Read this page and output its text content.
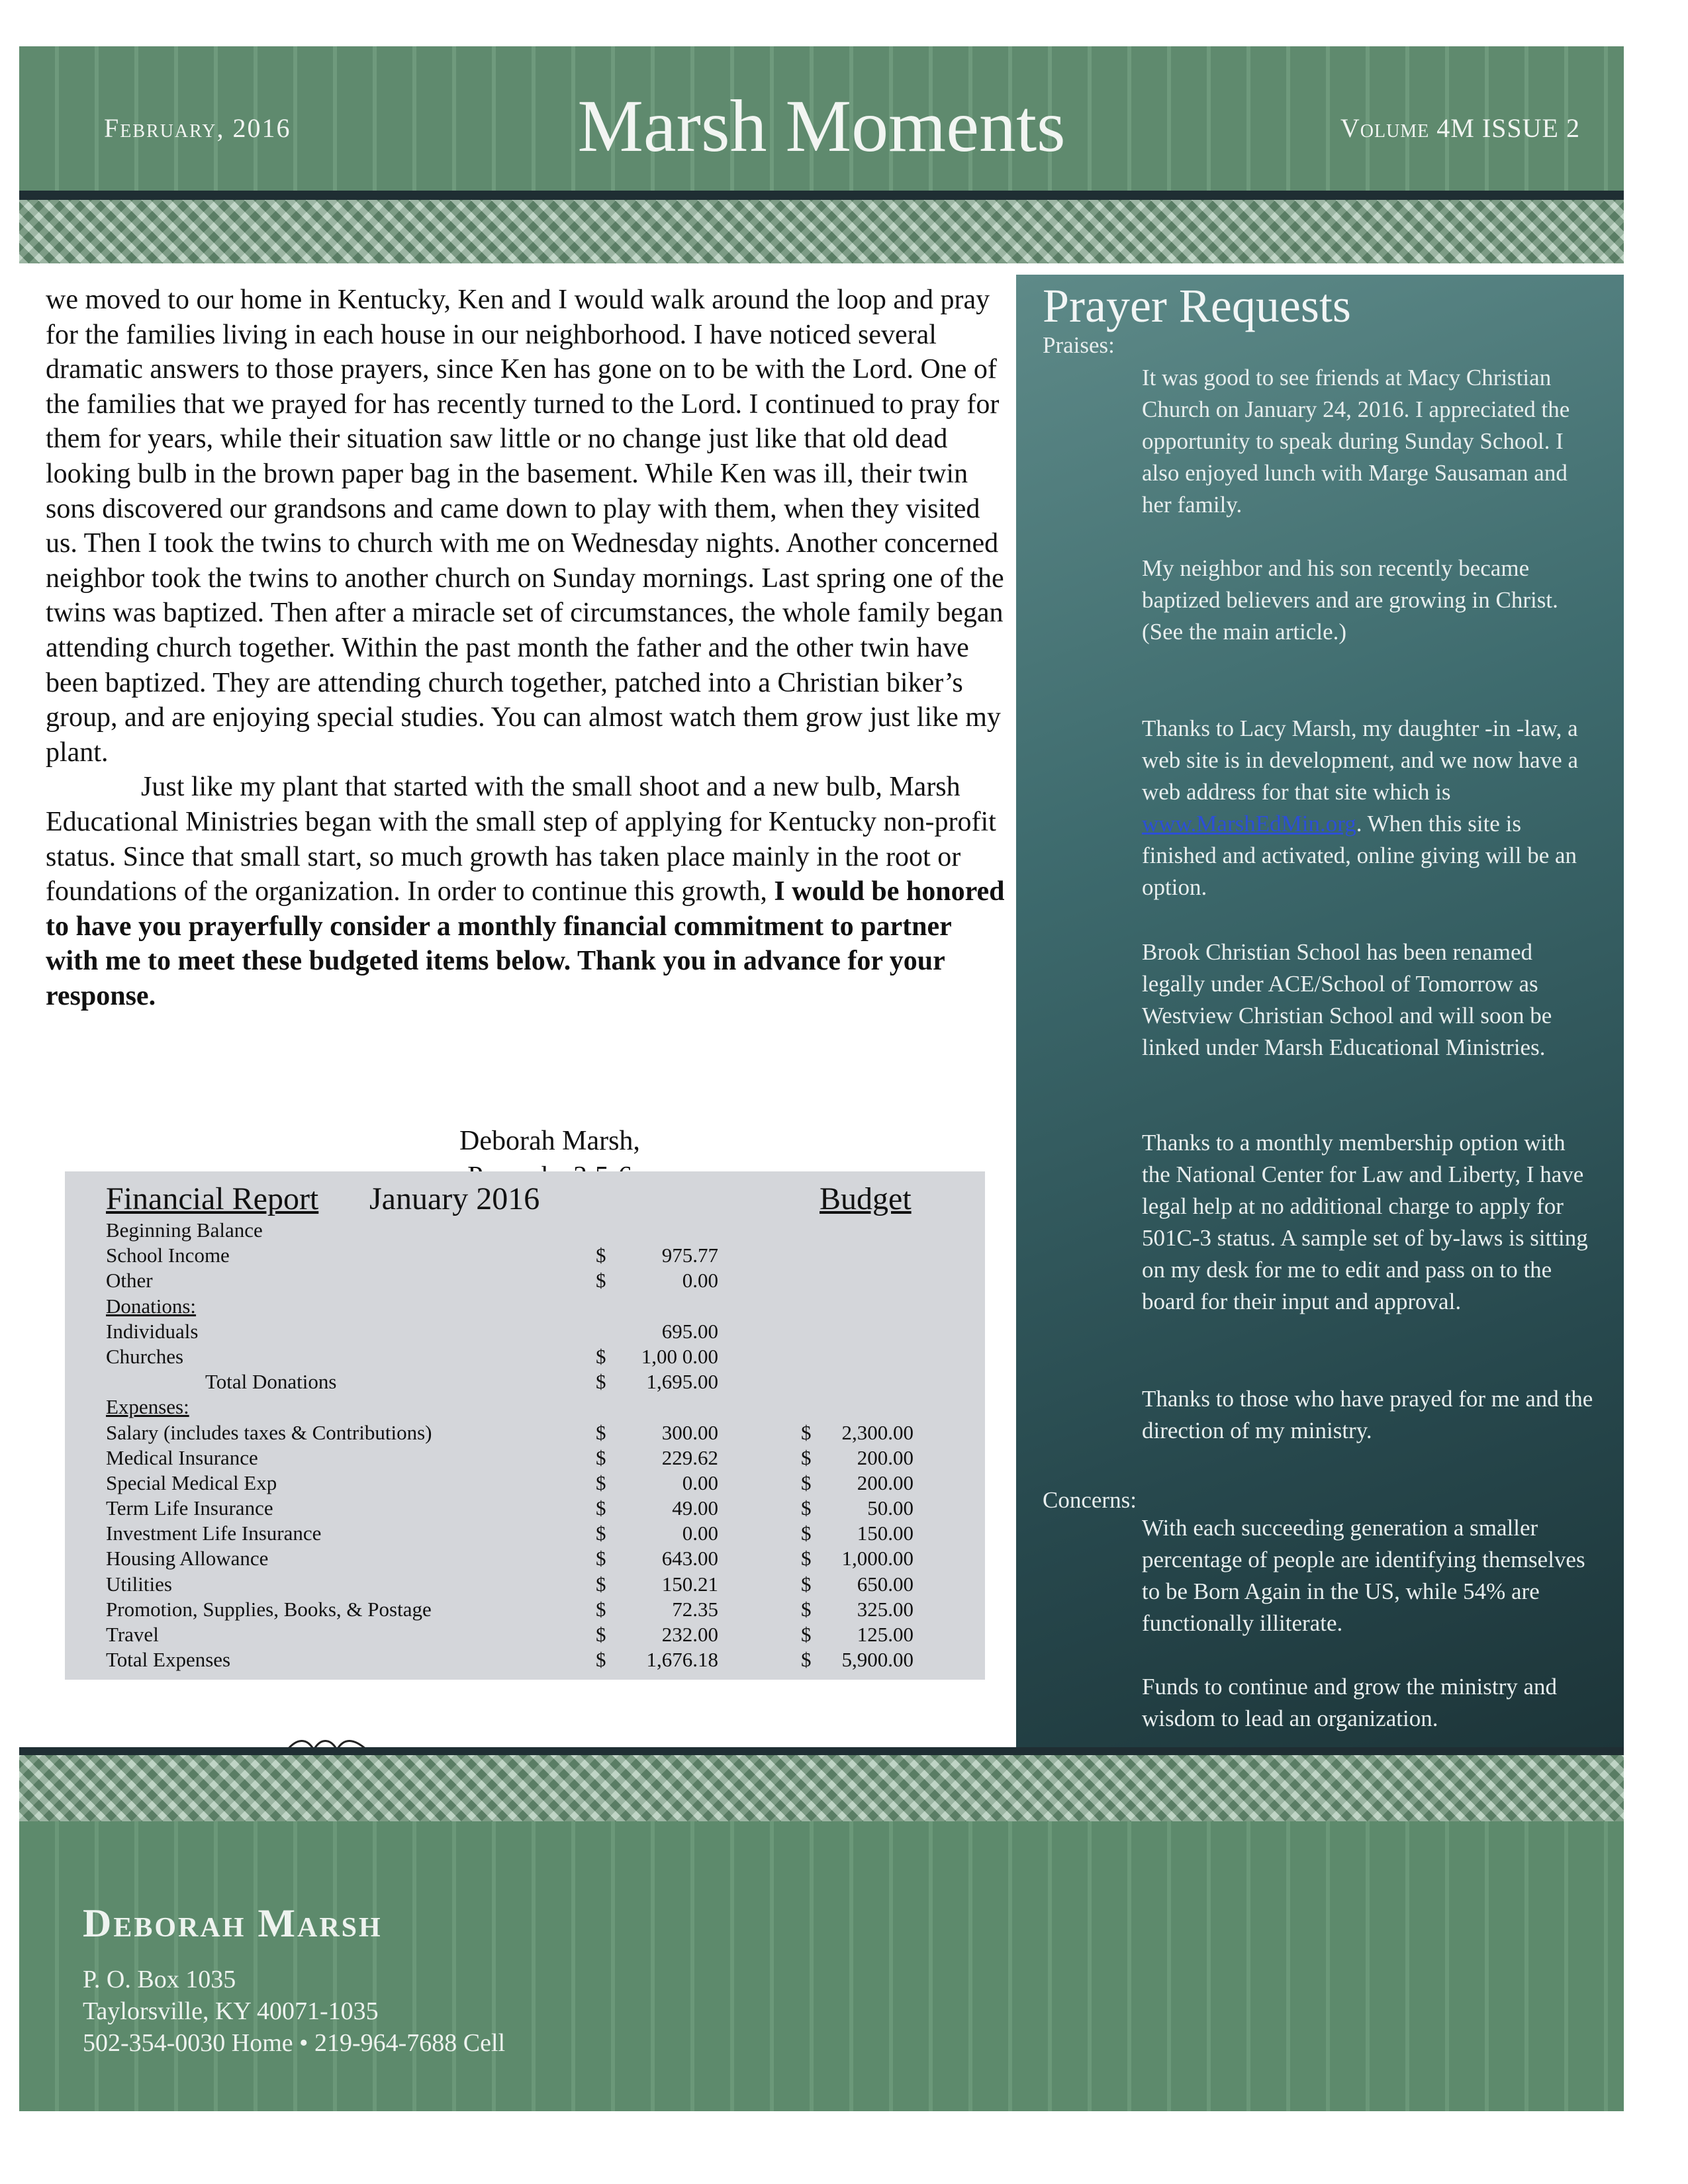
February, 2016	Marsh Moments	Volume 4M ISSUE 2

we moved to our home in Kentucky, Ken and I would walk around the loop and pray for the families living in each house in our neighborhood. I have noticed several dramatic answers to those prayers, since Ken has gone on to be with the Lord. One of the families that we prayed for has recently turned to the Lord. I continued to pray for them for years, while their situation saw little or no change just like that old dead looking bulb in the brown paper bag in the basement. While Ken was ill, their twin sons discovered our grandsons and came down to play with them, when they visited us. Then I took the twins to church with me on Wednesday nights. Another concerned neighbor took the twins to another church on Sunday mornings. Last spring one of the twins was baptized. Then after a miracle set of circumstances, the whole family began attending church together. Within the past month the father and the other twin have been baptized. They are attending church together, patched into a Christian biker’s group, and are enjoying special studies. You can almost watch them grow just like my plant.

Just like my plant that started with the small shoot and a new bulb, Marsh Educational Ministries began with the small step of applying for Kentucky non-profit status. Since that small start, so much growth has taken place mainly in the root or foundations of the organization. In order to continue this growth, I would be honored to have you prayerfully consider a monthly financial commitment to partner with me to meet these budgeted items below. Thank you in advance for your response.

Deborah Marsh,
Financial Report January 2016	Budget
Beginning Balance
School Income	$	975.77
Other	$	0.00
Donations:
Individuals	695.00
Churches	$ 1,00 0.00
Total Donations	$ 1,695.00
Expenses:
Salary (includes taxes & Contributions)	$	300.00	$ 2,300.00
Medical Insurance	$	229.62	$ 200.00
Special Medical Exp	$	0.00	$ 200.00
Term Life Insurance	$	49.00	$	50.00
Investment Life Insurance	$	0.00	$ 150.00
Housing Allowance	$	643.00	$ 1,000.00
Utilities	$	150.21	$ 650.00
Promotion, Supplies, Books, & Postage	$	72.35	$ 325.00
Travel	$	232.00	$ 125.00
Total Expenses	$ 1,676.18	$ 5,900.00
Prayer Requests
Praises:
It was good to see friends at Macy Christian Church on January 24, 2016. I appreciated the opportunity to speak during Sunday School. I also enjoyed lunch with Marge Sausaman and her family.
My neighbor and his son recently became baptized believers and are growing in Christ.(See the main article.)
Thanks to Lacy Marsh, my daughter -in -law, a web site is in development, and we now have a web address for that site which is www.MarshEdMin.org. When this site is finished and activated, online giving will be an option.
Brook Christian School has been renamed legally under ACE/School of Tomorrow as Westview Christian School and will soon be linked under Marsh Educational Ministries.
Thanks to a monthly membership option with the National Center for Law and Liberty, I have legal help at no additional charge to apply for 501C-3 status. A sample set of by-laws is sitting on my desk for me to edit and pass on to the board for their input and approval.
Thanks to those who have prayed for me and the direction of my ministry.
Concerns:
With each succeeding generation a smaller percentage of people are identifying themselves to be Born Again in the US, while 54% are functionally illiterate.
Funds to continue and grow the ministry and wisdom to lead an organization.
Deborah Marsh
P. O. Box 1035
Taylorsville, KY 40071-1035
502-354-0030 Home • 219-964-7688 Cell
